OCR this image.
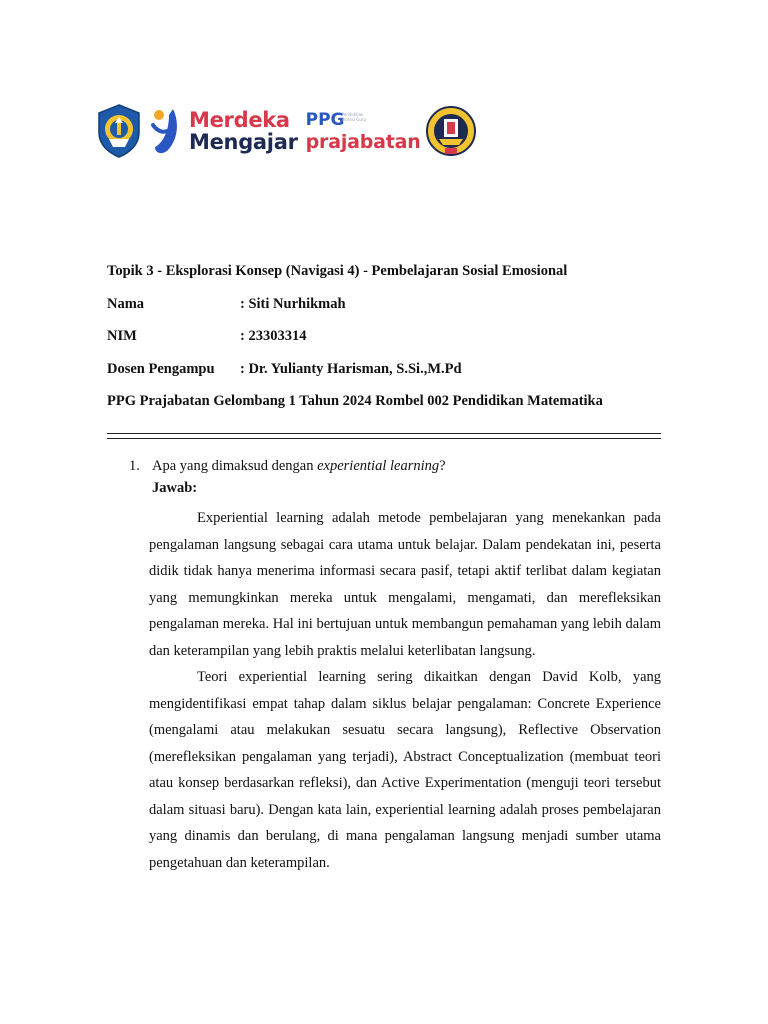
Merdeka
Mengajar
PPG
Pendidikan Profesi Guru
prajabatan
Topik 3 - Eksplorasi Konsep (Navigasi 4) - Pembelajaran Sosial Emosional
Nama	: Siti Nurhikmah
NIM	: 23303314
Dosen Pengampu : Dr. Yulianty Harisman, S.Si.,M.Pd
PPG Prajabatan Gelombang 1 Tahun 2024 Rombel 002 Pendidikan Matematika
1. Apa yang dimaksud dengan experiential learning?
Jawab:

Experiential learning adalah metode pembelajaran yang menekankan pada pengalaman langsung sebagai cara utama untuk belajar. Dalam pendekatan ini, peserta didik tidak hanya menerima informasi secara pasif, tetapi aktif terlibat dalam kegiatan yang memungkinkan mereka untuk mengalami, mengamati, dan merefleksikan pengalaman mereka. Hal ini bertujuan untuk membangun pemahaman yang lebih dalam dan keterampilan yang lebih praktis melalui keterlibatan langsung.

Teori experiential learning sering dikaitkan dengan David Kolb, yang mengidentifikasi empat tahap dalam siklus belajar pengalaman: Concrete Experience (mengalami atau melakukan sesuatu secara langsung), Reflective Observation (merefleksikan pengalaman yang terjadi), Abstract Conceptualization (membuat teori atau konsep berdasarkan refleksi), dan Active Experimentation (menguji teori tersebut dalam situasi baru). Dengan kata lain, experiential learning adalah proses pembelajaran yang dinamis dan berulang, di mana pengalaman langsung menjadi sumber utama pengetahuan dan keterampilan.
